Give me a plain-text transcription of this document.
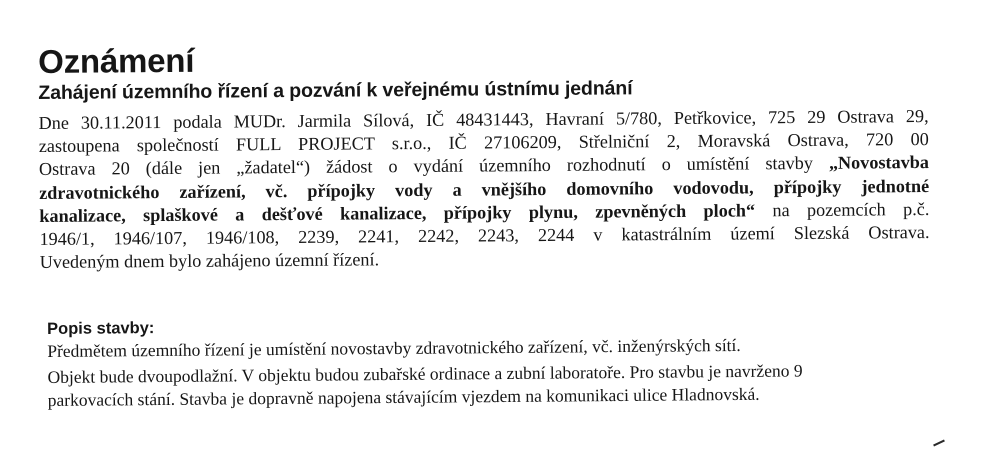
Oznámení
Zahájení územního řízení a pozvání k veřejnému ústnímu jednání
Dne 30.11.2011 podala MUDr. Jarmila Sílová, IČ 48431443, Havraní 5/780, Petřkovice, 725 29 Ostrava 29,
zastoupena společností FULL PROJECT s.r.o., IČ 27106209, Střelniční 2, Moravská Ostrava, 720 00
Ostrava 20 (dále jen „žadatel“) žádost o vydání územního rozhodnutí o umístění stavby „Novostavba
zdravotnického zařízení, vč. přípojky vody a vnějšího domovního vodovodu, přípojky jednotné
kanalizace, splaškové a dešťové kanalizace, přípojky plynu, zpevněných ploch“ na pozemcích p.č.
1946/1, 1946/107, 1946/108, 2239, 2241, 2242, 2243, 2244 v katastrálním území Slezská Ostrava.
Uvedeným dnem bylo zahájeno územní řízení.
Popis stavby:

Předmětem územního řízení je umístění novostavby zdravotnického zařízení, vč. inženýrských sítí.

Objekt bude dvoupodlažní. V objektu budou zubařské ordinace a zubní laboratoře. Pro stavbu je navrženo 9

parkovacích stání. Stavba je dopravně napojena stávajícím vjezdem na komunikaci ulice Hladnovská.
